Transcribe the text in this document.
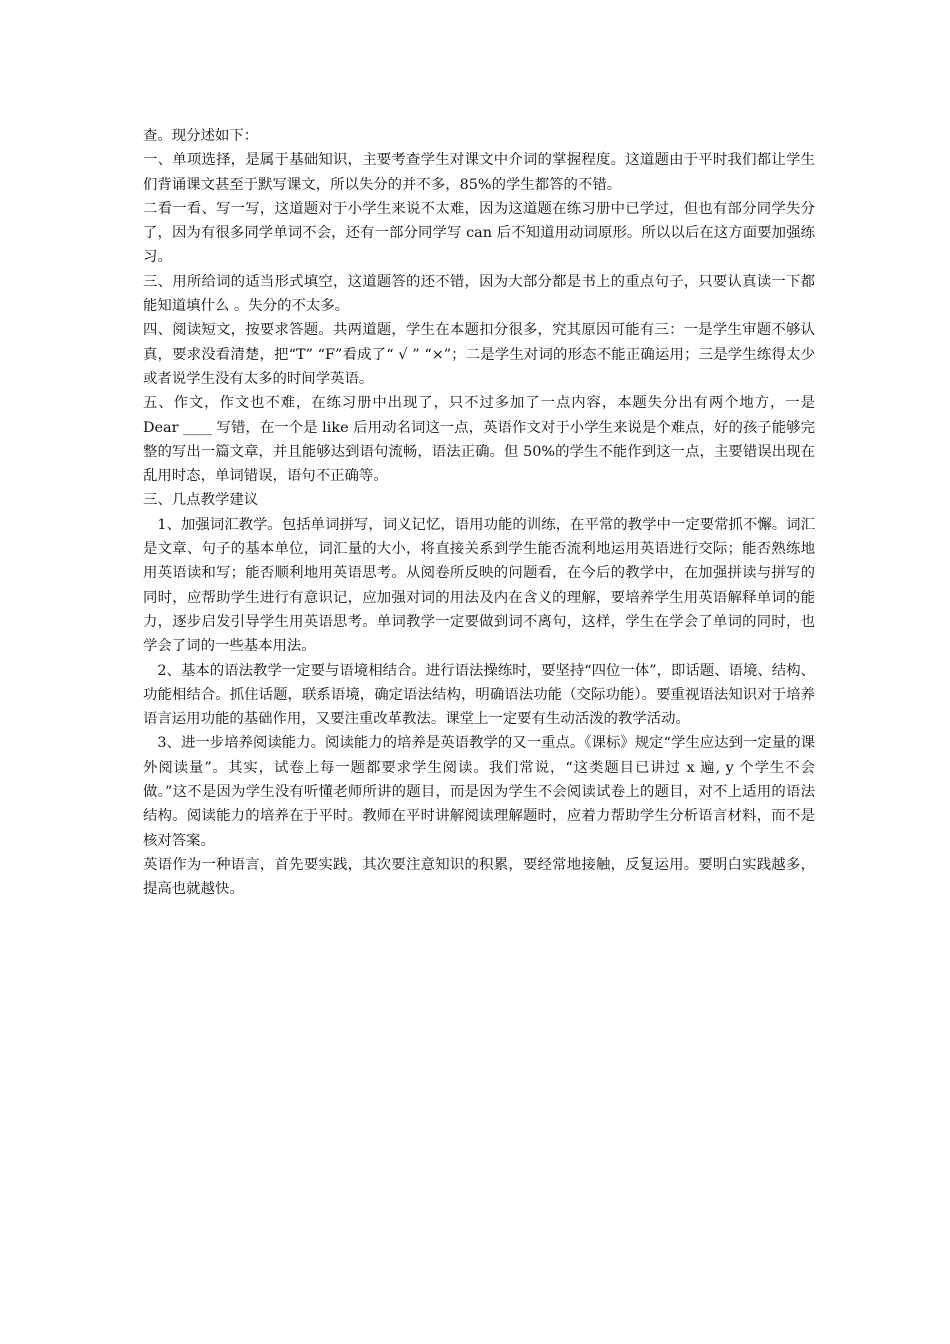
查。现分述如下：

一、单项选择，是属于基础知识，主要考查学生对课文中介词的掌握程度。这道题由于平时我们都让学生们背诵课文甚至于默写课文，所以失分的并不多，85%的学生都答的不错。

二看一看、写一写，这道题对于小学生来说不太难，因为这道题在练习册中已学过，但也有部分同学失分了，因为有很多同学单词不会，还有一部分同学写 can 后不知道用动词原形。所以以后在这方面要加强练习。

三、用所给词的适当形式填空，这道题答的还不错，因为大部分都是书上的重点句子，只要认真读一下都能知道填什么 。失分的不太多。

四、阅读短文，按要求答题。共两道题，学生在本题扣分很多，究其原因可能有三：一是学生审题不够认真，要求没看清楚，把“T” “F”看成了“ √ ” “×”；二是学生对词的形态不能正确运用；三是学生练得太少或者说学生没有太多的时间学英语。

五、作文，作文也不难，在练习册中出现了，只不过多加了一点内容，本题失分出有两个地方，一是 Dear ____ 写错，在一个是 like 后用动名词这一点，英语作文对于小学生来说是个难点，好的孩子能够完整的写出一篇文章，并且能够达到语句流畅，语法正确。但 50%的学生不能作到这一点，主要错误出现在乱用时态，单词错误，语句不正确等。

三、几点教学建议

1、加强词汇教学。包括单词拼写，词义记忆，语用功能的训练，在平常的教学中一定要常抓不懈。词汇是文章、句子的基本单位，词汇量的大小，将直接关系到学生能否流利地运用英语进行交际；能否熟练地用英语读和写；能否顺利地用英语思考。从阅卷所反映的问题看，在今后的教学中，在加强拼读与拼写的同时，应帮助学生进行有意识记，应加强对词的用法及内在含义的理解，要培养学生用英语解释单词的能力，逐步启发引导学生用英语思考。单词教学一定要做到词不离句，这样，学生在学会了单词的同时，也学会了词的一些基本用法。

2、基本的语法教学一定要与语境相结合。进行语法操练时，要坚持“四位一体”，即话题、语境、结构、功能相结合。抓住话题，联系语境，确定语法结构，明确语法功能（交际功能）。要重视语法知识对于培养语言运用功能的基础作用，又要注重改革教法。课堂上一定要有生动活泼的教学活动。

3、进一步培养阅读能力。阅读能力的培养是英语教学的又一重点。《课标》规定“学生应达到一定量的课外阅读量”。其实，试卷上每一题都要求学生阅读。我们常说，“这类题目已讲过 x 遍, y 个学生不会做。”这不是因为学生没有听懂老师所讲的题目，而是因为学生不会阅读试卷上的题目，对不上适用的语法结构。阅读能力的培养在于平时。教师在平时讲解阅读理解题时，应着力帮助学生分析语言材料，而不是核对答案。

英语作为一种语言，首先要实践，其次要注意知识的积累，要经常地接触，反复运用。要明白实践越多，提高也就越快。
